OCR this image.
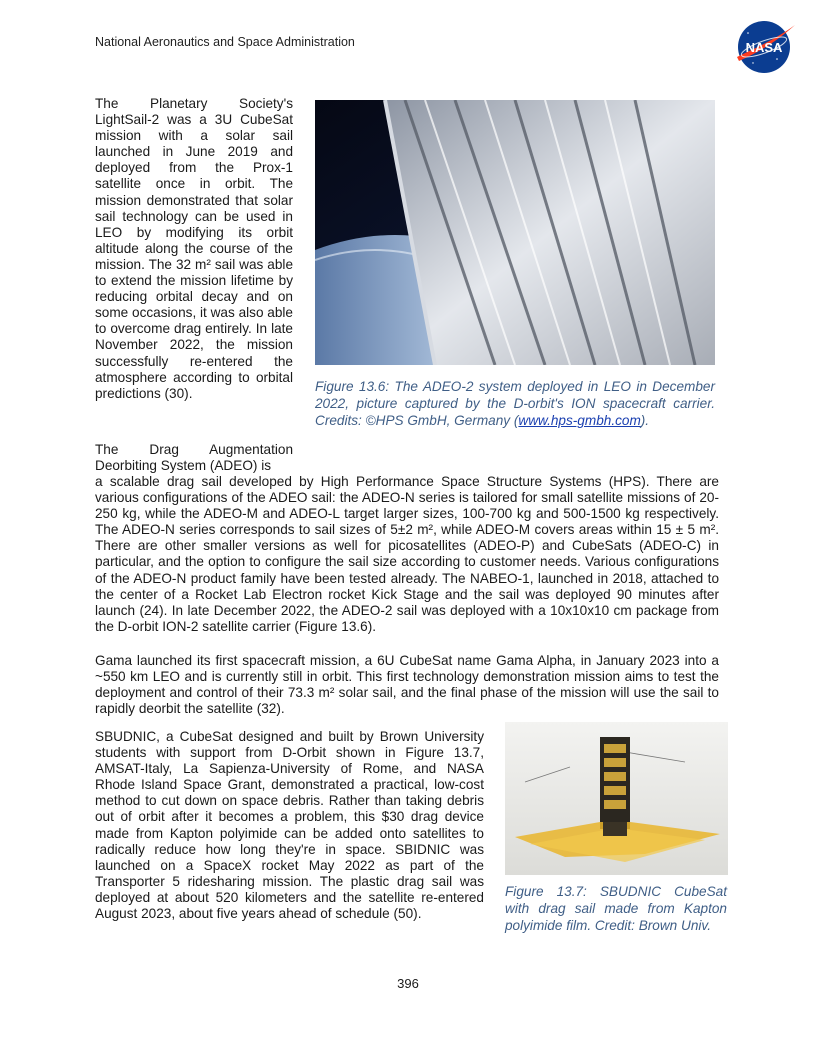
National Aeronautics and Space Administration	NASA

The Planetary Society's LightSail-2 was a 3U CubeSat mission with a solar sail launched in June 2019 and deployed from the Prox-1 satellite once in orbit. The mission demonstrated that solar sail technology can be used in LEO by modifying its orbit altitude along the course of the mission. The 32 m² sail was able to extend the mission lifetime by reducing orbital decay and on some occasions, it was also able to overcome drag entirely. In late November 2022, the mission successfully re-entered the atmosphere according to orbital predictions (30).

The Drag Augmentation Deorbiting System (ADEO) is

a scalable drag sail developed by High Performance Space Structure Systems (HPS). There are various configurations of the ADEO sail: the ADEO-N series is tailored for small satellite missions of 20-250 kg, while the ADEO-M and ADEO-L target larger sizes, 100-700 kg and 500-1500 kg respectively. The ADEO-N series corresponds to sail sizes of 5±2 m², while ADEO-M covers areas within 15 ± 5 m². There are other smaller versions as well for picosatellites (ADEO-P) and CubeSats (ADEO-C) in particular, and the option to configure the sail size according to customer needs. Various configurations of the ADEO-N product family have been tested already. The NABEO-1, launched in 2018, attached to the center of a Rocket Lab Electron rocket Kick Stage and the sail was deployed 90 minutes after launch (24). In late December 2022, the ADEO-2 sail was deployed with a 10x10x10 cm package from the D-orbit ION-2 satellite carrier (Figure 13.6).

Gama launched its first spacecraft mission, a 6U CubeSat name Gama Alpha, in January 2023 into a ~550 km LEO and is currently still in orbit. This first technology demonstration mission aims to test the deployment and control of their 73.3 m² solar sail, and the final phase of the mission will use the sail to rapidly deorbit the satellite (32).

SBUDNIC, a CubeSat designed and built by Brown University students with support from D-Orbit shown in Figure 13.7, AMSAT-Italy, La Sapienza-University of Rome, and NASA Rhode Island Space Grant, demonstrated a practical, low-cost method to cut down on space debris. Rather than taking debris out of orbit after it becomes a problem, this $30 drag device made from Kapton polyimide can be added onto satellites to radically reduce how long they're in space. SBIDNIC was launched on a SpaceX rocket May 2022 as part of the Transporter 5 ridesharing mission. The plastic drag sail was deployed at about 520 kilometers and the satellite re-entered August 2023, about five years ahead of schedule (50).

Figure 13.6: The ADEO-2 system deployed in LEO in December 2022, picture captured by the D-orbit's ION spacecraft carrier. Credits: ©HPS GmbH, Germany (www.hps-gmbh.com).

Figure 13.7: SBUDNIC CubeSat with drag sail made from Kapton polyimide film. Credit: Brown Univ.

396
